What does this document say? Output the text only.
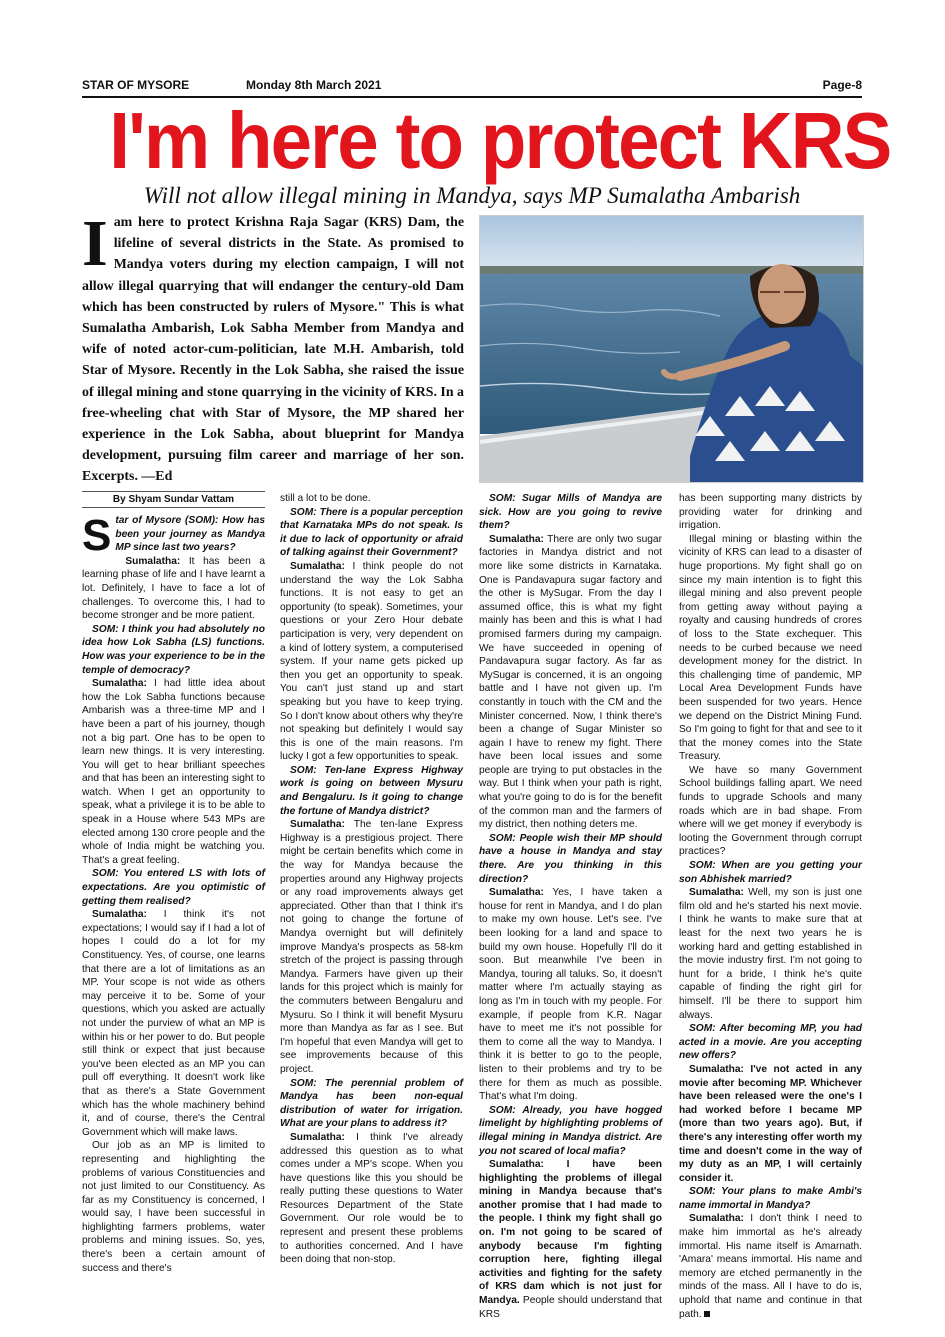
STAR OF MYSORE	Monday 8th March 2021	Page-8
I'm here to protect KRS
Will not allow illegal mining in Mandya, says MP Sumalatha Ambarish

Iam here to protect Krishna Raja Sagar (KRS) Dam, the lifeline of several districts in the State. As promised to Mandya voters during my election campaign, I will not allow illegal quarrying that will endanger the century-old Dam which has been constructed by rulers of Mysore." This is what Sumalatha Ambarish, Lok Sabha Member from Mandya and wife of noted actor-cum-politician, late M.H. Ambarish, told Star of Mysore. Recently in the Lok Sabha, she raised the issue of illegal mining and stone quarrying in the vicinity of KRS. In a free-wheeling chat with Star of Mysore, the MP shared her experience in the Lok Sabha, about blueprint for Mandya development, pursuing film career and marriage of her son. Excerpts. —Ed

By Shyam Sundar Vattam

Star of Mysore (SOM): How has been your journey as Mandya MP since last two years?

Sumalatha: It has been a learning phase of life and I have learnt a lot. Definitely, I have to face a lot of challenges. To overcome this, I had to become stronger and be more patient.

SOM: I think you had absolutely no idea how Lok Sabha (LS) functions. How was your experience to be in the temple of democracy?

Sumalatha: I had little idea about how the Lok Sabha functions because Ambarish was a three-time MP and I have been a part of his journey, though not a big part. One has to be open to learn new things. It is very interesting. You will get to hear brilliant speeches and that has been an interesting sight to watch. When I get an opportunity to speak, what a privilege it is to be able to speak in a House where 543 MPs are elected among 130 crore people and the whole of India might be watching you. That's a great feeling.

SOM: You entered LS with lots of expectations. Are you optimistic of getting them realised?

Sumalatha: I think it's not expectations; I would say if I had a lot of hopes I could do a lot for my Constituency. Yes, of course, one learns that there are a lot of limitations as an MP. Your scope is not wide as others may perceive it to be. Some of your questions, which you asked are actually not under the purview of what an MP is within his or her power to do. But people still think or expect that just because you've been elected as an MP you can pull off everything. It doesn't work like that as there's a State Government which has the whole machinery behind it, and of course, there's the Central Government which will make laws.

Our job as an MP is limited to representing and highlighting the problems of various Constituencies and not just limited to our Constituency. As far as my Constituency is concerned, I would say, I have been successful in highlighting farmers problems, water problems and mining issues. So, yes, there's been a certain amount of success and there's

still a lot to be done.

SOM: There is a popular perception that Karnataka MPs do not speak. Is it due to lack of opportunity or afraid of talking against their Government?

Sumalatha: I think people do not understand the way the Lok Sabha functions. It is not easy to get an opportunity (to speak). Sometimes, your questions or your Zero Hour debate participation is very, very dependent on a kind of lottery system, a computerised system. If your name gets picked up then you get an opportunity to speak. You can't just stand up and start speaking but you have to keep trying. So I don't know about others why they're not speaking but definitely I would say this is one of the main reasons. I'm lucky I got a few opportunities to speak.

SOM: Ten-lane Express Highway work is going on between Mysuru and Bengaluru. Is it going to change the fortune of Mandya district?

Sumalatha: The ten-lane Express Highway is a prestigious project. There might be certain benefits which come in the way for Mandya because the properties around any Highway projects or any road improvements always get appreciated. Other than that I think it's not going to change the fortune of Mandya overnight but will definitely improve Mandya's prospects as 58-km stretch of the project is passing through Mandya. Farmers have given up their lands for this project which is mainly for the commuters between Bengaluru and Mysuru. So I think it will benefit Mysuru more than Mandya as far as I see. But I'm hopeful that even Mandya will get to see improvements because of this project.

SOM: The perennial problem of Mandya has been non-equal distribution of water for irrigation. What are your plans to address it?

Sumalatha: I think I've already addressed this question as to what comes under a MP's scope. When you have questions like this you should be really putting these questions to Water Resources Department of the State Government. Our role would be to represent and present these problems to authorities concerned. And I have been doing that non-stop.

SOM: Sugar Mills of Mandya are sick. How are you going to revive them?

Sumalatha: There are only two sugar factories in Mandya district and not more like some districts in Karnataka. One is Pandavapura sugar factory and the other is MySugar. From the day I assumed office, this is what my fight mainly has been and this is what I had promised farmers during my campaign. We have succeeded in opening of Pandavapura sugar factory. As far as MySugar is concerned, it is an ongoing battle and I have not given up. I'm constantly in touch with the CM and the Minister concerned. Now, I think there's been a change of Sugar Minister so again I have to renew my fight. There have been local issues and some people are trying to put obstacles in the way. But I think when your path is right, what you're going to do is for the benefit of the common man and the farmers of my district, then nothing deters me.

SOM: People wish their MP should have a house in Mandya and stay there. Are you thinking in this direction?

Sumalatha: Yes, I have taken a house for rent in Mandya, and I do plan to make my own house. Let's see. I've been looking for a land and space to build my own house. Hopefully I'll do it soon. But meanwhile I've been in Mandya, touring all taluks. So, it doesn't matter where I'm actually staying as long as I'm in touch with my people. For example, if people from K.R. Nagar have to meet me it's not possible for them to come all the way to Mandya. I think it is better to go to the people, listen to their problems and try to be there for them as much as possible. That's what I'm doing.

SOM: Already, you have hogged limelight by highlighting problems of illegal mining in Mandya district. Are you not scared of local mafia?

Sumalatha: I have been highlighting the problems of illegal mining in Mandya because that's another promise that I had made to the people. I think my fight shall go on. I'm not going to be scared of anybody because I'm fighting corruption here, fighting illegal activities and fighting for the safety of KRS dam which is not just for Mandya. People should understand that KRS

has been supporting many districts by providing water for drinking and irrigation.

Illegal mining or blasting within the vicinity of KRS can lead to a disaster of huge proportions. My fight shall go on since my main intention is to fight this illegal mining and also prevent people from getting away without paying a royalty and causing hundreds of crores of loss to the State exchequer. This needs to be curbed because we need development money for the district. In this challenging time of pandemic, MP Local Area Development Funds have been suspended for two years. Hence we depend on the District Mining Fund. So I'm going to fight for that and see to it that the money comes into the State Treasury.

We have so many Government School buildings falling apart. We need funds to upgrade Schools and many roads which are in bad shape. From where will we get money if everybody is looting the Government through corrupt practices?

SOM: When are you getting your son Abhishek married?

Sumalatha: Well, my son is just one film old and he's started his next movie. I think he wants to make sure that at least for the next two years he is working hard and getting established in the movie industry first. I'm not going to hunt for a bride, I think he's quite capable of finding the right girl for himself. I'll be there to support him always.

SOM: After becoming MP, you had acted in a movie. Are you accepting new offers?

Sumalatha: I've not acted in any movie after becoming MP. Whichever have been released were the one's I had worked before I became MP (more than two years ago). But, if there's any interesting offer worth my time and doesn't come in the way of my duty as an MP, I will certainly consider it.

SOM: Your plans to make Ambi's name immortal in Mandya?

Sumalatha: I don't think I need to make him immortal as he's already immortal. His name itself is Amarnath. 'Amara' means immortal. His name and memory are etched permanently in the minds of the mass. All I have to do is, uphold that name and continue in that path.
